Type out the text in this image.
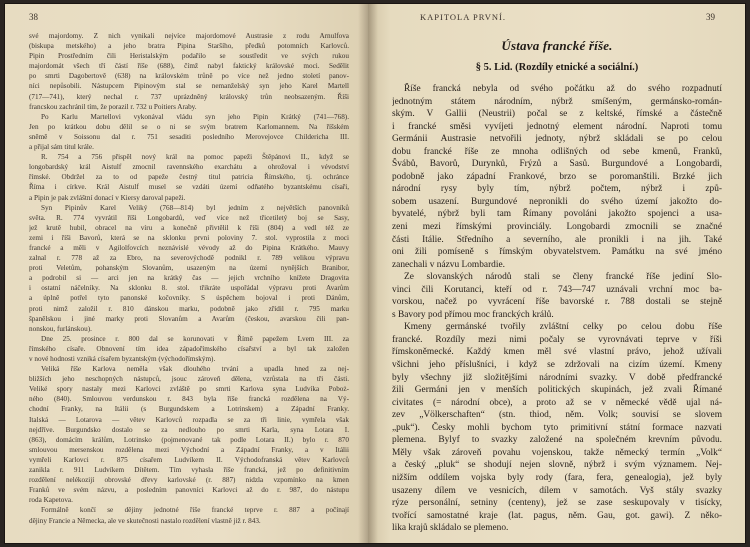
38
své majordomy. Z nich vynikali nejvíce majordomové Austrasie z rodu Arnulfova
(biskupa metského) a jeho bratra Pipina Staršího, předků potomních Karlovců.
Pipin Prostředním čili Heristalským podařilo se soustředit ve svých rukou
majordomát všech tří částí říše (688), čímž nabyl faktický královské moci. Sedělit
po smrti Dagobertově (638) na královském trůně po více než jedno století panov-
níci nepůsobili. Nástupcem Pipinovým stal se nemanželský syn jeho Karel Martell
(717—741), který nechal r. 737 uprázdněný královský trůn neobsazeným. Říši
francskou zachránil tím, že porazil r. 732 u Poitiers Araby.
Po Karlu Martellovi vykonával vládu syn jeho Pipin Krátký (741—768).
Jen po krátkou dobu dělil se o ni se svým bratrem Karlomannem. Na říšském
sněmě v Soissonu dal r. 751 sesaditi posledního Merovejovce Childericha III.
a přijal sám titul krále.
R. 754 a 756 přispěl nový král na pomoc papeži Štěpánovi II., když se
longobardský král Aistulf zmocnil ravennského exarchátu a ohrožoval i vévodství
římské. Obdržel za to od papeže čestný titul patricia Římského, tj. ochránce
Říma i církve. Král Aistulf musel se vzdáti území odňatého byzantskému císaři,
a Pipin je pak zvláštní donací v Kiersy daroval papeži.
Syn Pipinův Karel Veliký (768—814) byl jedním z největších panovníků
světa. R. 774 vyvrátil říši Longobardů, veď více než třicetiletý boj se Sasy,
jež krutě hubil, obracel na víru a konečně přivtělil k říši (804) a vedl též ze
zemi i říši Bavorů, která se na sklonku prvni poloviny 7. stol. vyprostila z moci
francké a měli v Agilolfovcích neznávislé vévody až do Pipina Krátkého. Mauvy
zalnal r. 778 až za Ebro, na severovýchodě podnikl r. 789 velikou výpravu
proti Veletům, pohanským Slovanům, usazeným na území nynějších Branibor,
a podrobil si — arci jen na krátký čas — jejich vrchního knížete Dragovita
i ostatní náčelníky. Na sklonku 8. stol. třikráte uspořádal výpravu proti Avarům
a úplně potřel tyto panonské kočovníky. S úspěchem bojoval i proti Dánům,
proti nimž založil r. 810 dánskou marku, podobně jako zřídil r. 795 marku
španělskou i jiné marky proti Slovanům a Avarům (českou, avarskou čili pan-
nonskou, furlánskou).
Dne 25. prosince r. 800 dal se korunovati v Římě papežem Lvem III. za
římského císaře. Obnovení tím idea západořímského císařství a byl tak založen
v nové hodnosti vzniká císařem byzantským (východořímským).
Veliká říše Karlova neměla však dlouhého trvání a upadla hned za nej-
bližších jeho neschopných nástupců, jsouc zároveň dělena, vzrůstala na tři části.
Veliké spory nastaly mezi Karlovci zvláště po smrti Karlova syna Ludvíka Poboż-
ného (840). Smlouvou verdunskou r. 843 byla říše francká rozdělena na Vý-
chodní Franky, na Itálii (s Burgundskem a Lotrinskem) a Západní Franky.
Italská — Lotarova — větev Karlovců rozpadla se za tři linie, vymřela však
nejdříve. Burgundsko dostalo se za nedlouho po smrti Karla, syna Lotara I.
(863), domácím králům, Lotrinsko (pojmenované tak podle Lotara II.) bylo r. 870
smlouvou mersenskou rozdělena mezi Východní a Západní Franky, a v Itálii
vymřeli Karlovci r. 875 císařem Ludvíkem II. Východofranská větev Karlovců
zanikla r. 911 Ludvíkem Dítětem. Tím vyhasla říše francká, jež po definitivním
rozdělení nelékozijí obrovské dřevy karlovské (r. 887) nidzla vzpomínko na kmen
Franků ve svém názvu, a posledním panovníci Karlovci až do r. 987, do nástupu
roda Kapetova.
Formálně končí se dějiny jednotné říše francké teprve r. 887 a počínají
dějiny Francie a Německa, ale ve skutečnosti nastalo rozdělení vlastně již r. 843.
KAPITOLA PRVNÍ.	39
Ústava francké říše.
§ 5. Lid. (Rozdíly etnické a sociální.)
Říše francká nebyla od svého počátku až do svého rozpadnutí
jednotným státem národním, nýbrž smíšeným, germánsko-román-
ským. V Gallii (Neustrii) počal se z keltské, římské a částečně
i francké směsi vyvíjeti jednotný element národní. Naproti tomu
Germánii Austrasie netvořili jednoty, nýbrž skládali se po celou
dobu francké říše ze mnoha odlišných od sebe kmenů, Franků,
Švábů, Bavorů, Durynků, Frýzů a Sasů. Burgundové a Longobardi,
podobně jako západní Frankové, brzo se poromanštili. Brzké jich
národní rysy byly tím, nýbrž počtem, nýbrž i způ-
sobem usazení. Burgundové nepronikli do svého území jakožto do-
byvatelé, nýbrž byli tam Římany povoláni jakožto spojenci a usa-
zeni mezi římskými provinciály. Longobardi zmocnili se značné
části Itálie. Středního a severního, ale pronikli i na jih. Také
oni žili pomíseně s římským obyvatelstvem. Památku na své jméno
zanechali v názvu Lombardie.
Ze slovanských národů stali se členy francké říše jediní Slo-
vinci čili Korutanci, kteří od r. 743—747 uznávali vrchní moc ba-
vorskou, načež po vyvrácení říše bavorské r. 788 dostali se stejně
s Bavory pod přímou moc franckých králů.
Kmeny germánské tvořily zvláštní celky po celou dobu říše
francké. Rozdíly mezi nimi počaly se vyrovnávati teprve v říši
římskoněmecké. Každý kmen měl své vlastní právo, jehož užívali
všichni jeho příslušníci, i když se zdržovali na cizím území. Kmeny
byly všechny již složitějšími národními svazky. V době předfrancké
žili Germáni jen v menších politických skupinách, jež zvali Římané
civitates (= národní obce), a proto až se v německé vědě ujal ná-
zev „Völkerschaften“ (stn. thiod, něm. Volk; souvisí se slovem
„puk“). Česky mohli bychom tyto primitivní státní formace nazvati
plemena. Bylyf to svazky založené na společném krevním původu.
Měly však zároveň povahu vojenskou, takže německý termín „Volk“
a český „pluk“ se shodují nejen slovně, nýbrž i svým významem. Nej-
nižším oddílem vojska byly rody (fara, fera, genealogia), jež byly
usazeny dílem ve vesnicích, dílem v samotách. Vyš stály svazky
rýze personální, setniny (centeny), jež se zase seskupovaly v tisícky,
tvořící samostatné kraje (lat. pagus, něm. Gau, got. gawi). Z něko-
lika krajů skládalo se plemeno.
